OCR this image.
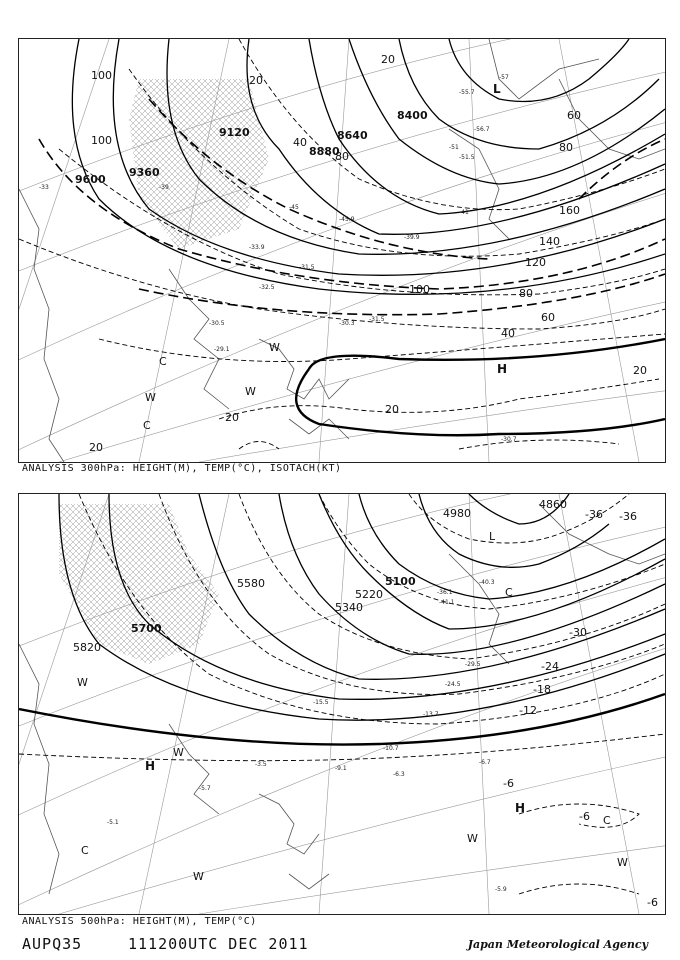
9600
9360
9120
8880
8640
8400
100
100
20
40
60
80
80
100
120
140
160
80
60
40
20
20
20
20
20
-33	-39
-45
-51
-57
-45.9
-39.9
-33.9
-31.5
-30.5	-30.3
-29.1
-32.5
-31.5
-30.7
-55.7
-56.7
-51.5
-41
H
L
C
C
W
W
W
ANALYSIS 300hPa: HEIGHT(M), TEMP(°C), ISOTACH(KT)
5820
5700
5580
5340
5220
5100
4980
4860
-36 -36
-30
-24
-18
-12
-6
-6
-6
-36.1
-41.1
-40.3
-29.5
-24.5
-15.5
-13.7
-10.7
-6.3
-5.7
-3.5
-9.1
-6.7
-5.9
-5.1
H
H
L
C
C
C
W
W
W
W
W
ANALYSIS 500hPa: HEIGHT(M), TEMP(°C)
AUPQ35	111200UTC DEC 2011	Japan Meteorological Agency
